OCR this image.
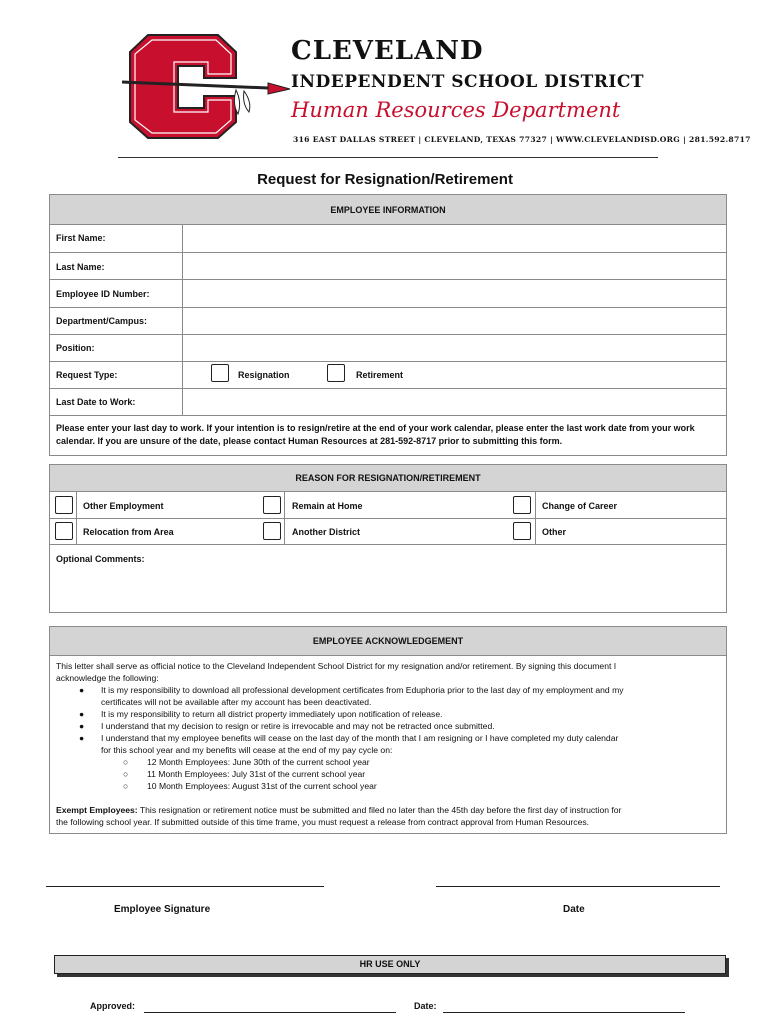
CLEVELAND
INDEPENDENT SCHOOL DISTRICT
Human Resources Department
316 EAST DALLAS STREET | CLEVELAND, TEXAS 77327 | WWW.CLEVELANDISD.ORG | 281.592.8717
Request for Resignation/Retirement
EMPLOYEE INFORMATION
First Name:
Last Name:
Employee ID Number:
Department/Campus:
Position:
Request Type:	Resignation	Retirement
Last Date to Work:
Please enter your last day to work. If your intention is to resign/retire at the end of your work calendar, please enter the last work date from your work calendar. If you are unsure of the date, please contact Human Resources at 281-592-8717 prior to submitting this form.
REASON FOR RESIGNATION/RETIREMENT
Other Employment	Remain at Home	Change of Career
Relocation from Area	Another District	Other
Optional Comments:
EMPLOYEE ACKNOWLEDGEMENT
This letter shall serve as official notice to the Cleveland Independent School District for my resignation and/or retirement. By signing this document I
acknowledge the following:
● It is my responsibility to download all professional development certificates from Eduphoria prior to the last day of my employment and my
certificates will not be available after my account has been deactivated.
● It is my responsibility to return all district property immediately upon notification of release.
● I understand that my decision to resign or retire is irrevocable and may not be retracted once submitted.
● I understand that my employee benefits will cease on the last day of the month that I am resigning or I have completed my duty calendar
for this school year and my benefits will cease at the end of my pay cycle on:
○ 12 Month Employees: June 30th of the current school year
○ 11 Month Employees: July 31st of the current school year
○ 10 Month Employees: August 31st of the current school year
Exempt Employees: This resignation or retirement notice must be submitted and filed no later than the 45th day before the first day of instruction for
the following school year. If submitted outside of this time frame, you must request a release from contract approval from Human Resources.
Employee Signature	Date
HR USE ONLY
Approved:	Date:
